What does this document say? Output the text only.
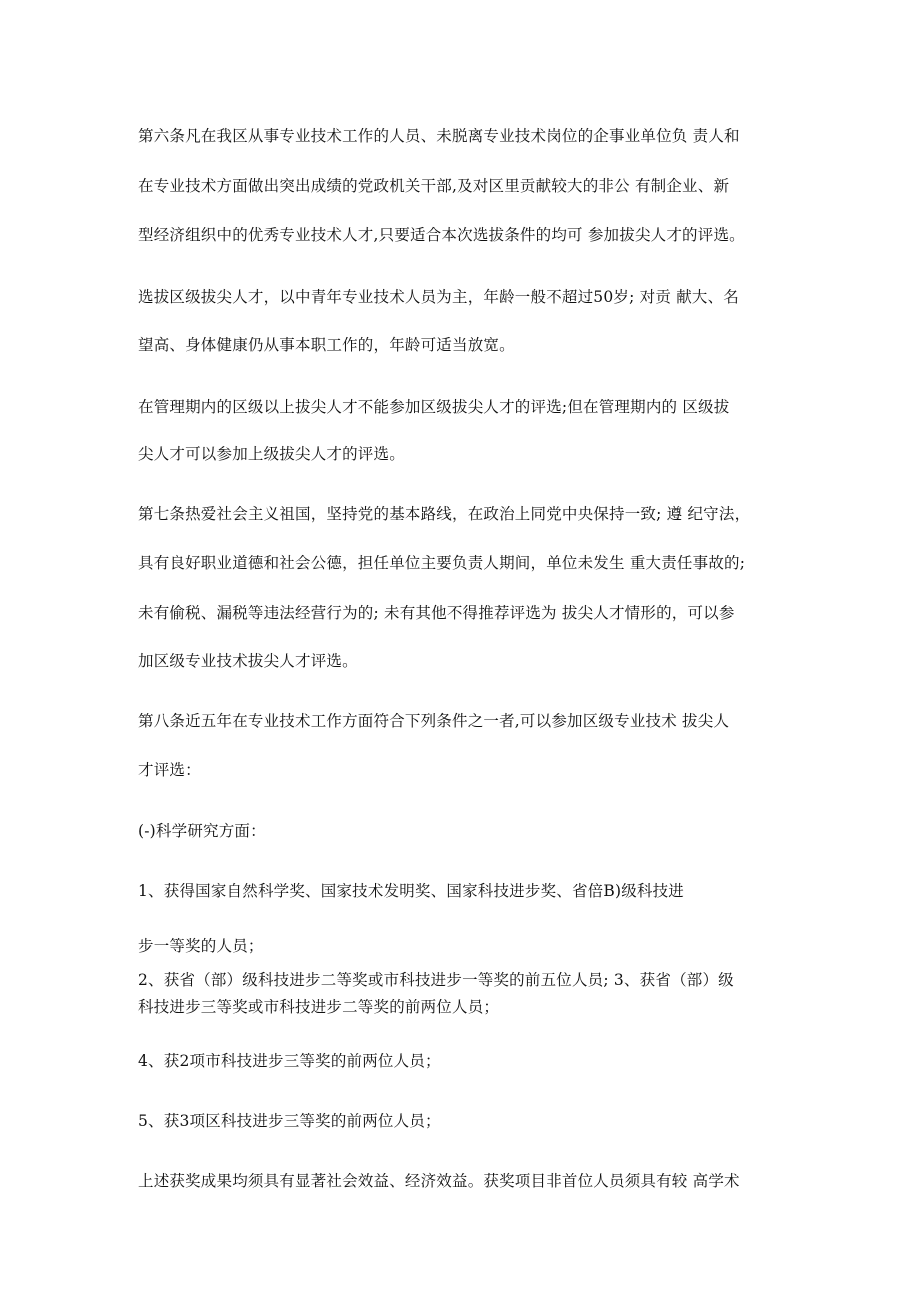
第六条凡在我区从事专业技术工作的人员、未脱离专业技术岗位的企事业单位负 责人和
在专业技术方面做出突出成绩的党政机关干部,及对区里贡献较大的非公 有制企业、新
型经济组织中的优秀专业技术人才,只要适合本次选拔条件的均可 参加拔尖人才的评选。
选拔区级拔尖人才，以中青年专业技术人员为主，年龄一般不超过50岁; 对贡 献大、名
望高、身体健康仍从事本职工作的，年龄可适当放宽。
在管理期内的区级以上拔尖人才不能参加区级拔尖人才的评选;但在管理期内的 区级拔
尖人才可以参加上级拔尖人才的评选。
第七条热爱社会主义祖国，坚持党的基本路线，在政治上同党中央保持一致; 遵 纪守法，
具有良好职业道德和社会公德，担任单位主要负责人期间，单位未发生 重大责任事故的;
未有偷税、漏税等违法经营行为的; 未有其他不得推荐评选为 拔尖人才情形的，可以参
加区级专业技术拔尖人才评选。
第八条近五年在专业技术工作方面符合下列条件之一者,可以参加区级专业技术 拔尖人
才评选：
(-)科学研究方面：
1、获得国家自然科学奖、国家技术发明奖、国家科技进步奖、省倍B)级科技进
步一等奖的人员；
2、获省（部）级科技进步二等奖或市科技进步一等奖的前五位人员; 3、获省（部）级
科技进步三等奖或市科技进步二等奖的前两位人员；
4、获2项市科技进步三等奖的前两位人员；
5、获3项区科技进步三等奖的前两位人员；
上述获奖成果均须具有显著社会效益、经济效益。获奖项目非首位人员须具有较 高学术
